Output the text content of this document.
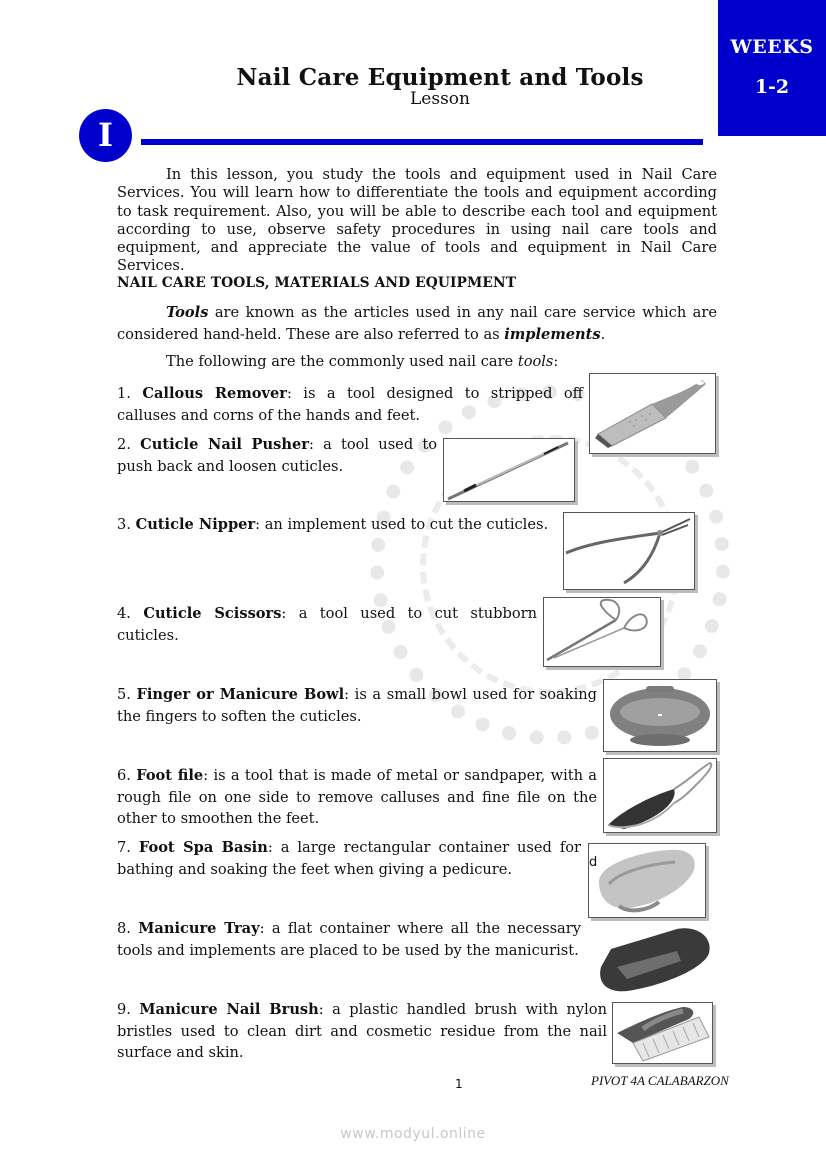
WEEKS
1-2
Nail Care Equipment and Tools
Lesson
I
In this lesson, you study the tools and equipment used in Nail Care Services. You will learn how to differentiate the tools and equipment according to task requirement. Also, you will be able to describe each tool and equipment according to use, observe safety procedures in using nail care tools and equipment, and appreciate the value of tools and equipment in Nail Care Services.
NAIL CARE TOOLS, MATERIALS AND EQUIPMENT
Tools are known as the articles used in any nail care service which are considered hand-held. These are also referred to as implements.
The following are the commonly used nail care tools:
1. Callous Remover: is a tool designed to stripped off calluses and corns of the hands and feet.
2. Cuticle Nail Pusher: a tool used to push back and loosen cuticles.
3. Cuticle Nipper: an implement used to cut the cuticles.
4. Cuticle Scissors: a tool used to cut stubborn cuticles.
5. Finger or Manicure Bowl: is a small bowl used for soaking the fingers to soften the cuticles.
6. Foot file: is a tool that is made of metal or sandpaper, with a rough file on one side to remove calluses and fine file on the other to smoothen the feet.
7. Foot Spa Basin: a large rectangular container used for bathing and soaking the feet when giving a pedicure.
8. Manicure Tray: a flat container where all the necessary tools and implements are placed to be used by the manicurist.
9. Manicure Nail Brush: a plastic handled brush with nylon bristles used to clean dirt and cosmetic residue from the nail surface and skin.
d
1	PIVOT 4A CALABARZON
www.modyul.online
